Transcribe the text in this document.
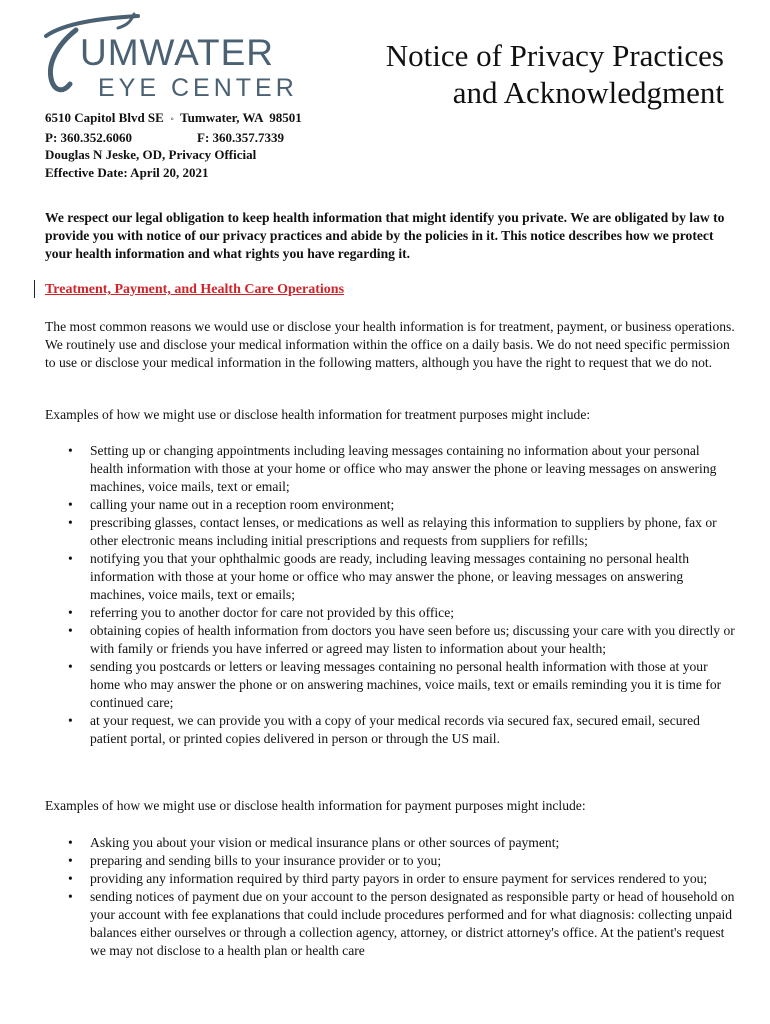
UMWATER
EYE CENTER
Notice of Privacy Practices
and Acknowledgment
6510 Capitol Blvd SE ◦ Tumwater, WA  98501
P: 360.352.6060	F: 360.357.7339
Douglas N Jeske, OD, Privacy Official
Effective Date: April 20, 2021
We respect our legal obligation to keep health information that might identify you private. We are obligated by law to provide you with notice of our privacy practices and abide by the policies in it. This notice describes how we protect your health information and what rights you have regarding it.
Treatment, Payment, and Health Care Operations
The most common reasons we would use or disclose your health information is for treatment, payment, or business operations. We routinely use and disclose your medical information within the office on a daily basis. We do not need specific permission to use or disclose your medical information in the following matters, although you have the right to request that we do not.
Examples of how we might use or disclose health information for treatment purposes might include:
• Setting up or changing appointments including leaving messages containing no information about your personal health information with those at your home or office who may answer the phone or leaving messages on answering machines, voice mails, text or email;
• calling your name out in a reception room environment;
• prescribing glasses, contact lenses, or medications as well as relaying this information to suppliers by phone, fax or other electronic means including initial prescriptions and requests from suppliers for refills;
• notifying you that your ophthalmic goods are ready, including leaving messages containing no personal health information with those at your home or office who may answer the phone, or leaving messages on answering machines, voice mails, text or emails;
• referring you to another doctor for care not provided by this office;
• obtaining copies of health information from doctors you have seen before us; discussing your care with you directly or with family or friends you have inferred or agreed may listen to information about your health;
• sending you postcards or letters or leaving messages containing no personal health information with those at your home who may answer the phone or on answering machines, voice mails, text or emails reminding you it is time for continued care;
• at your request, we can provide you with a copy of your medical records via secured fax, secured email, secured patient portal, or printed copies delivered in person or through the US mail.
Examples of how we might use or disclose health information for payment purposes might include:
• Asking you about your vision or medical insurance plans or other sources of payment;
• preparing and sending bills to your insurance provider or to you;
• providing any information required by third party payors in order to ensure payment for services rendered to you;
• sending notices of payment due on your account to the person designated as responsible party or head of household on your account with fee explanations that could include procedures performed and for what diagnosis: collecting unpaid balances either ourselves or through a collection agency, attorney, or district attorney's office. At the patient's request we may not disclose to a health plan or health care
